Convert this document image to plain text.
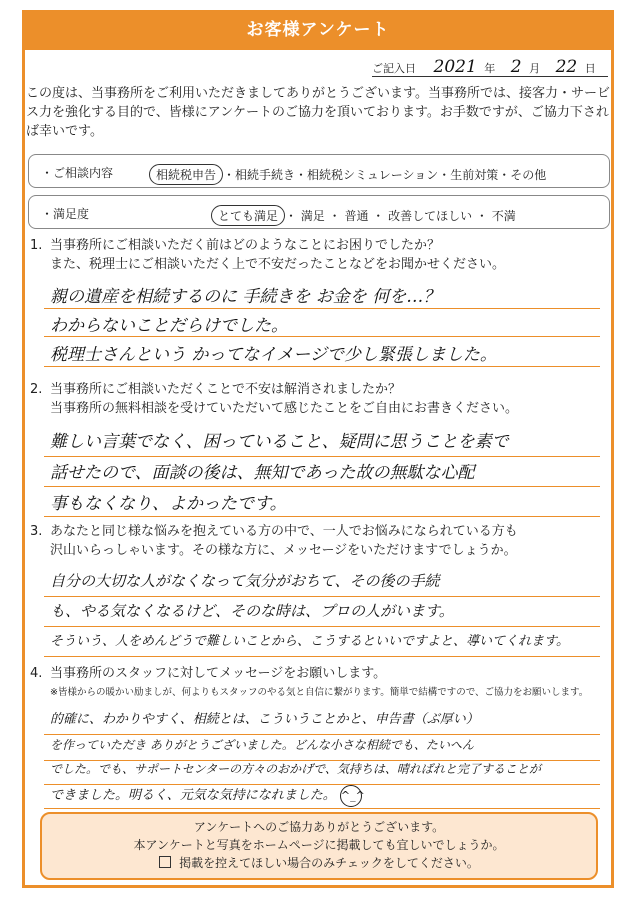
お客様アンケート
ご記入日 2021 年 2 月 22 日
この度は、当事務所をご利用いただきましてありがとうございます。当事務所では、接客力・サービス力を強化する目的で、皆様にアンケートのご協力を頂いております。お手数ですが、ご協力下されば幸いです。
・ご相談内容	相続税申告 ・相続手続き・相続税シミュレーション・生前対策・その他
・満足度	とても満足 ・ 満足 ・ 普通 ・ 改善してほしい ・ 不満
1. 当事務所にご相談いただく前はどのようなことにお困りでしたか？
また、税理士にご相談いただく上で不安だったことなどをお聞かせください。
親の遺産を相続するのに 手続きを お金を 何を…？
わからないことだらけでした。
税理士さんという かってなイメージで少し緊張しました。
2. 当事務所にご相談いただくことで不安は解消されましたか？
当事務所の無料相談を受けていただいて感じたことをご自由にお書きください。
難しい言葉でなく、困っていること、疑問に思うことを素で
話せたので、面談の後は、無知であった故の無駄な心配
事もなくなり、よかったです。
3. あなたと同じ様な悩みを抱えている方の中で、一人でお悩みになられている方も
沢山いらっしゃいます。その様な方に、メッセージをいただけますでしょうか。
自分の大切な人がなくなって気分がおちて、その後の手続
も、やる気なくなるけど、そのな時は、プロの人がいます。
そういう、人をめんどうで難しいことから、こうするといいですよと、導いてくれます。
4. 当事務所のスタッフに対してメッセージをお願いします。
※皆様からの暖かい励ましが、何よりもスタッフのやる気と自信に繋がります。簡単で結構ですので、ご協力をお願いします。
的確に、わかりやすく、相続とは、こういうことかと、申告書（ぶ厚い）
を作っていただき ありがとうございました。どんな小さな相続でも、たいへん
でした。でも、サポートセンターの方々のおかげで、気持ちは、晴ればれと完了することが
できました。明るく、元気な気持になれました。 ^_^
アンケートへのご協力ありがとうございます。
本アンケートと写真をホームページに掲載しても宜しいでしょうか。
掲載を控えてほしい場合のみチェックをしてください。
